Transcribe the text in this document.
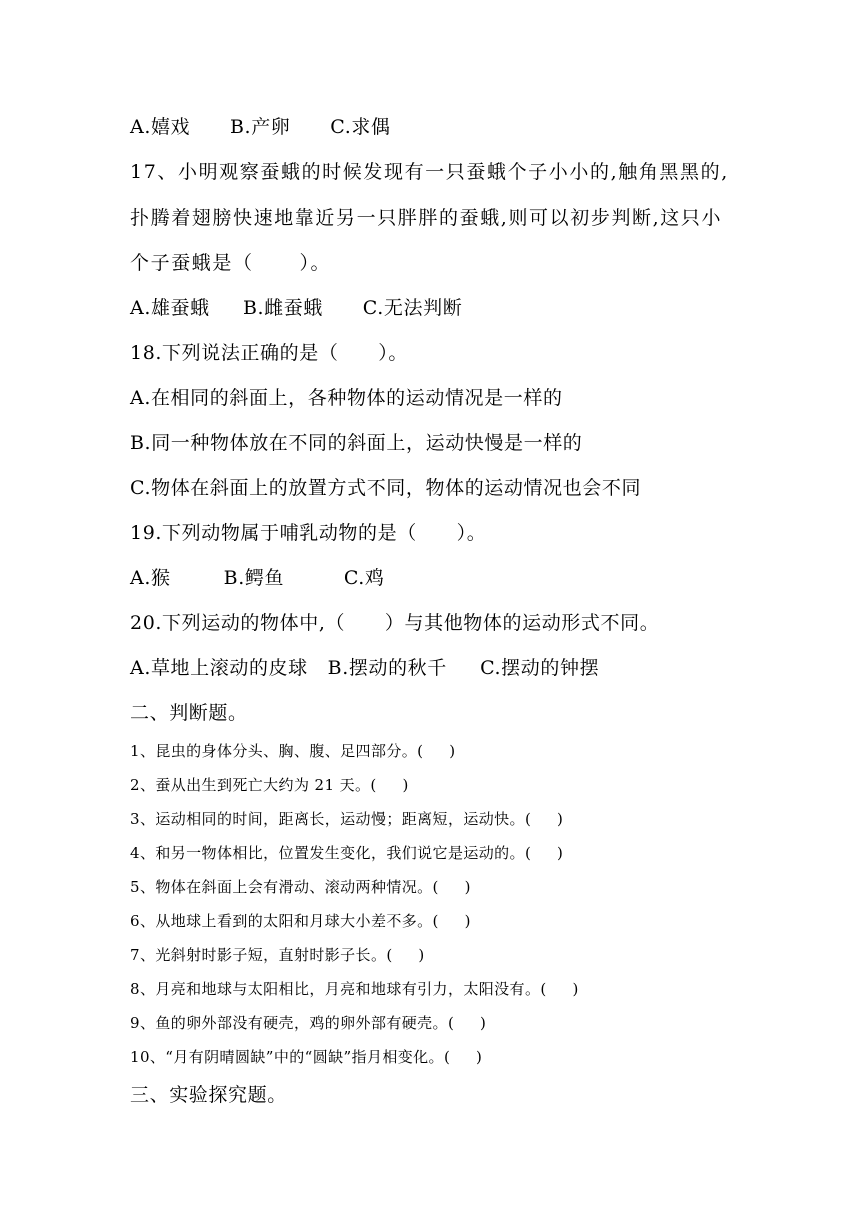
A.嬉戏      B.产卵      C.求偶
17、小明观察蚕蛾的时候发现有一只蚕蛾个子小小的,触角黑黑的,
扑腾着翅膀快速地靠近另一只胖胖的蚕蛾,则可以初步判断,这只小
个子蚕蛾是（      ）。
A.雄蚕蛾     B.雌蚕蛾      C.无法判断
18.下列说法正确的是（      ）。
A.在相同的斜面上，各种物体的运动情况是一样的
B.同一种物体放在不同的斜面上，运动快慢是一样的
C.物体在斜面上的放置方式不同，物体的运动情况也会不同
19.下列动物属于哺乳动物的是（      ）。
A.猴        B.鳄鱼         C.鸡
20.下列运动的物体中,（      ）与其他物体的运动形式不同。
A.草地上滚动的皮球   B.摆动的秋千     C.摆动的钟摆
二、判断题。
1、昆虫的身体分头、胸、腹、足四部分。(     )
2、蚕从出生到死亡大约为 21 天。(     )
3、运动相同的时间，距离长，运动慢；距离短，运动快。(     )
4、和另一物体相比，位置发生变化，我们说它是运动的。(     )
5、物体在斜面上会有滑动、滚动两种情况。(     )
6、从地球上看到的太阳和月球大小差不多。(     )
7、光斜射时影子短，直射时影子长。(     )
8、月亮和地球与太阳相比，月亮和地球有引力，太阳没有。(     )
9、鱼的卵外部没有硬壳，鸡的卵外部有硬壳。(     )
10、“月有阴晴圆缺”中的“圆缺”指月相变化。(     )
三、实验探究题。
